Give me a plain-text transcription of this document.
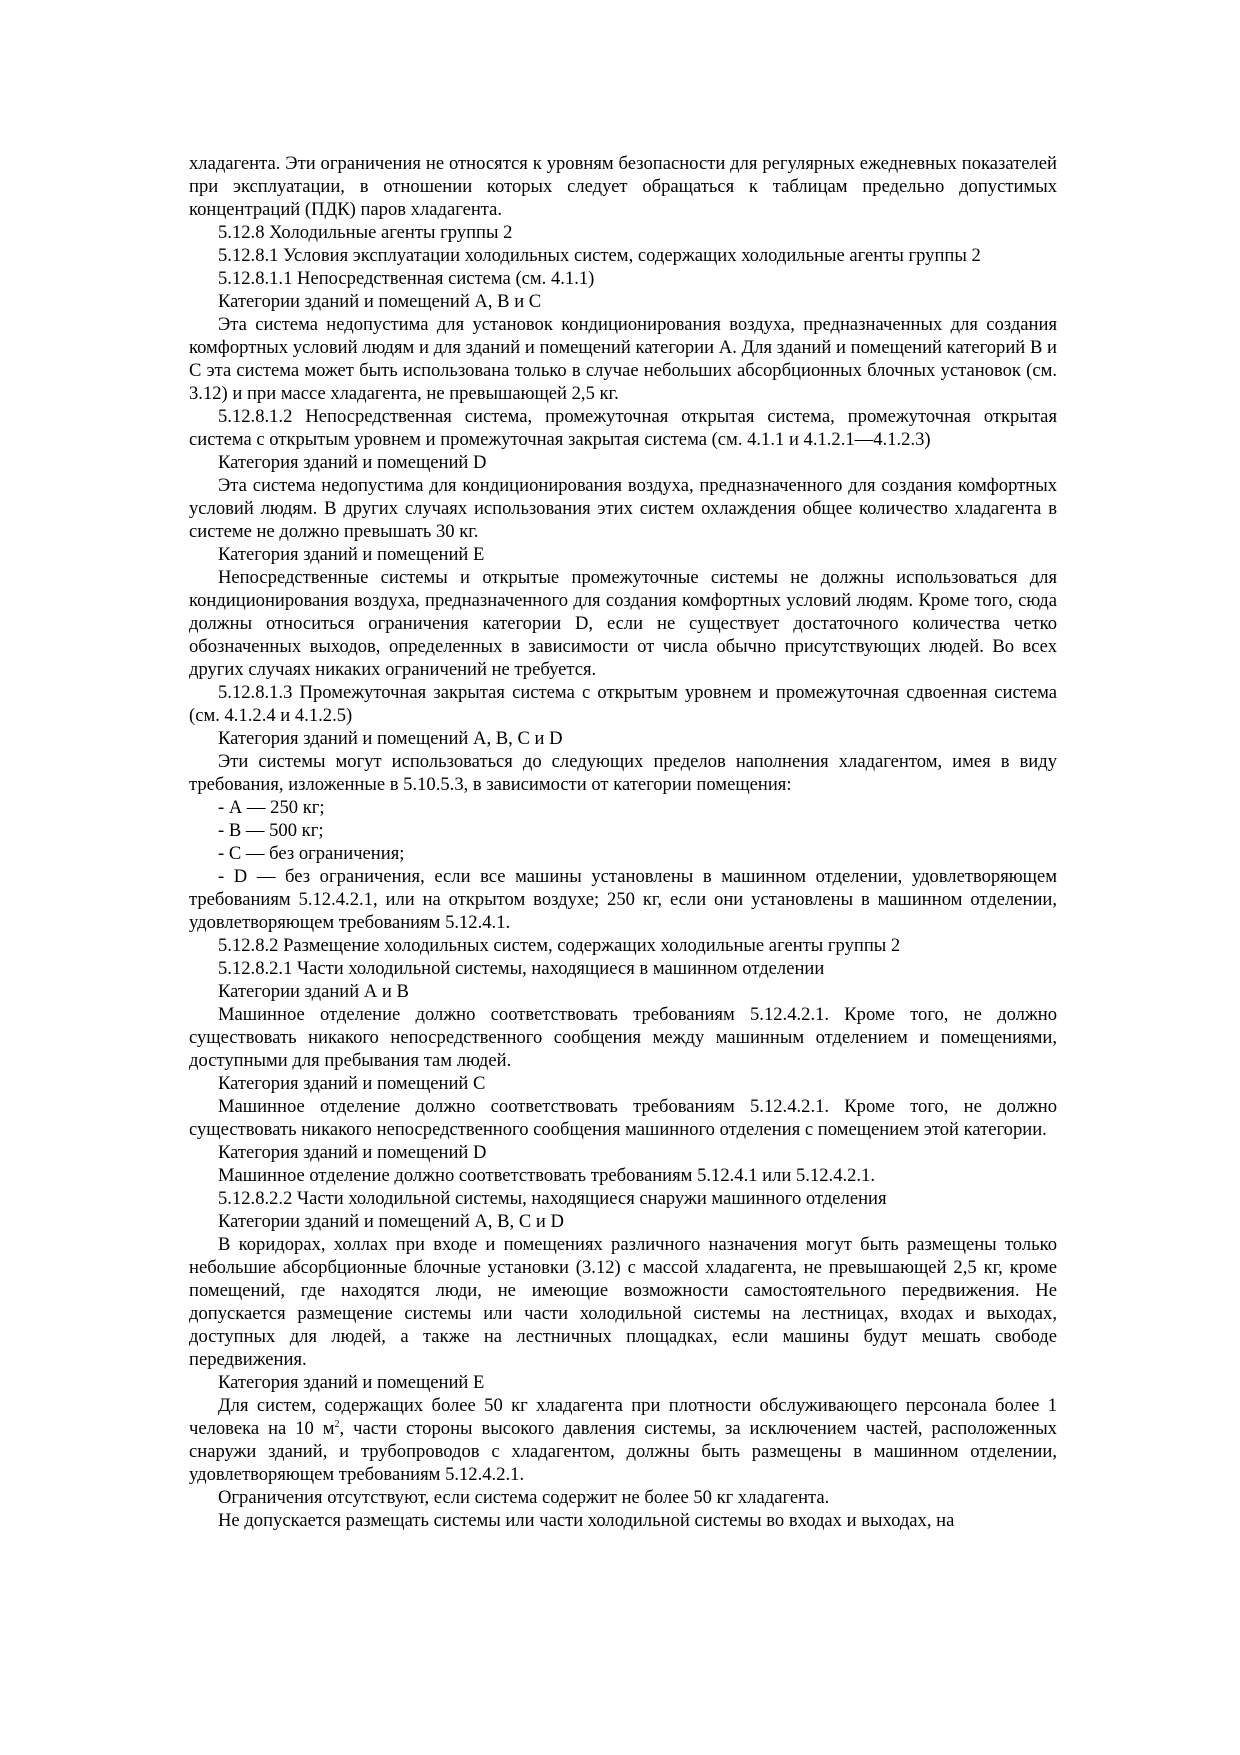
хладагента. Эти ограничения не относятся к уровням безопасности для регулярных ежедневных показателей при эксплуатации, в отношении которых следует обращаться к таблицам предельно допустимых концентраций (ПДК) паров хладагента.

5.12.8 Холодильные агенты группы 2

5.12.8.1 Условия эксплуатации холодильных систем, содержащих холодильные агенты группы 2

5.12.8.1.1 Непосредственная система (см. 4.1.1)

Категории зданий и помещений А, В и С

Эта система недопустима для установок кондиционирования воздуха, предназначенных для создания комфортных условий людям и для зданий и помещений категории А. Для зданий и помещений категорий В и С эта система может быть использована только в случае небольших абсорбционных блочных установок (см. 3.12) и при массе хладагента, не превышающей 2,5 кг.

5.12.8.1.2 Непосредственная система, промежуточная открытая система, промежуточная открытая система с открытым уровнем и промежуточная закрытая система (см. 4.1.1 и 4.1.2.1—4.1.2.3)

Категория зданий и помещений D

Эта система недопустима для кондиционирования воздуха, предназначенного для создания комфортных условий людям. В других случаях использования этих систем охлаждения общее количество хладагента в системе не должно превышать 30 кг.

Категория зданий и помещений Е

Непосредственные системы и открытые промежуточные системы не должны использоваться для кондиционирования воздуха, предназначенного для создания комфортных условий людям. Кроме того, сюда должны относиться ограничения категории D, если не существует достаточного количества четко обозначенных выходов, определенных в зависимости от числа обычно присутствующих людей. Во всех других случаях никаких ограничений не требуется.

5.12.8.1.3 Промежуточная закрытая система с открытым уровнем и промежуточная сдвоенная система (см. 4.1.2.4 и 4.1.2.5)

Категория зданий и помещений А, В, С и D

Эти системы могут использоваться до следующих пределов наполнения хладагентом, имея в виду требования, изложенные в 5.10.5.3, в зависимости от категории помещения:

- А — 250 кг;

- В — 500 кг;

- С — без ограничения;

- D — без ограничения, если все машины установлены в машинном отделении, удовлетворяющем требованиям 5.12.4.2.1, или на открытом воздухе; 250 кг, если они установлены в машинном отделении, удовлетворяющем требованиям 5.12.4.1.

5.12.8.2 Размещение холодильных систем, содержащих холодильные агенты группы 2

5.12.8.2.1 Части холодильной системы, находящиеся в машинном отделении

Категории зданий А и В

Машинное отделение должно соответствовать требованиям 5.12.4.2.1. Кроме того, не должно существовать никакого непосредственного сообщения между машинным отделением и помещениями, доступными для пребывания там людей.

Категория зданий и помещений С

Машинное отделение должно соответствовать требованиям 5.12.4.2.1. Кроме того, не должно существовать никакого непосредственного сообщения машинного отделения с помещением этой категории.

Категория зданий и помещений D

Машинное отделение должно соответствовать требованиям 5.12.4.1 или 5.12.4.2.1.

5.12.8.2.2 Части холодильной системы, находящиеся снаружи машинного отделения

Категории зданий и помещений А, В, С и D

В коридорах, холлах при входе и помещениях различного назначения могут быть размещены только небольшие абсорбционные блочные установки (3.12) с массой хладагента, не превышающей 2,5 кг, кроме помещений, где находятся люди, не имеющие возможности самостоятельного передвижения. Не допускается размещение системы или части холодильной системы на лестницах, входах и выходах, доступных для людей, а также на лестничных площадках, если машины будут мешать свободе передвижения.

Категория зданий и помещений Е

Для систем, содержащих более 50 кг хладагента при плотности обслуживающего персонала более 1 человека на 10 $м^2$, части стороны высокого давления системы, за исключением частей, расположенных снаружи зданий, и трубопроводов с хладагентом, должны быть размещены в машинном отделении, удовлетворяющем требованиям 5.12.4.2.1.

Ограничения отсутствуют, если система содержит не более 50 кг хладагента.

Не допускается размещать системы или части холодильной системы во входах и выходах, на
